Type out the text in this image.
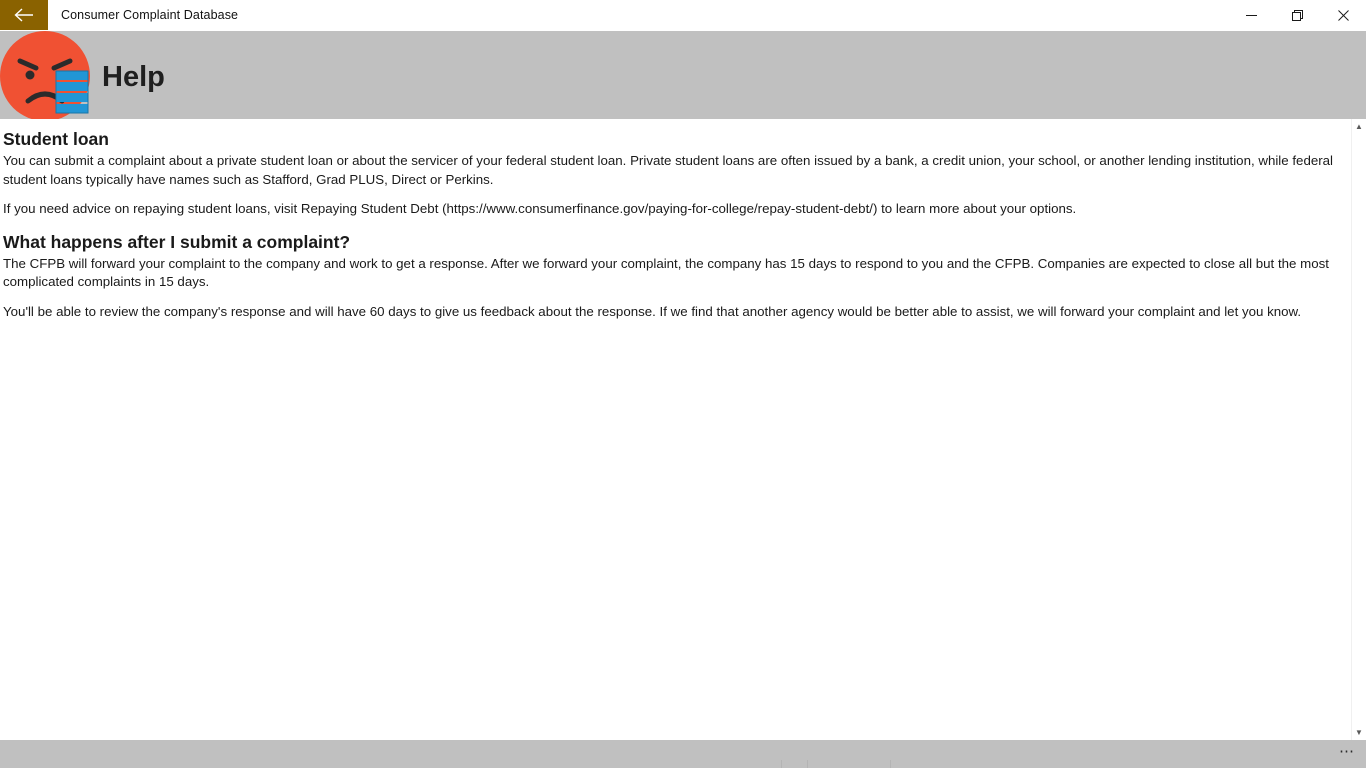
Consumer Complaint Database
Help
Student loan

You can submit a complaint about a private student loan or about the servicer of your federal student loan. Private student loans are often issued by a bank, a credit union, your school, or another lending institution, while federal student loans typically have names such as Stafford, Grad PLUS, Direct or Perkins.

If you need advice on repaying student loans, visit Repaying Student Debt (https://www.consumerfinance.gov/paying-for-college/repay-student-debt/) to learn more about your options.

What happens after I submit a complaint?

The CFPB will forward your complaint to the company and work to get a response. After we forward your complaint, the company has 15 days to respond to you and the CFPB. Companies are expected to close all but the most complicated complaints in 15 days.

You'll be able to review the company's response and will have 60 days to give us feedback about the response. If we find that another agency would be better able to assist, we will forward your complaint and let you know.

▲
▼
⋯
